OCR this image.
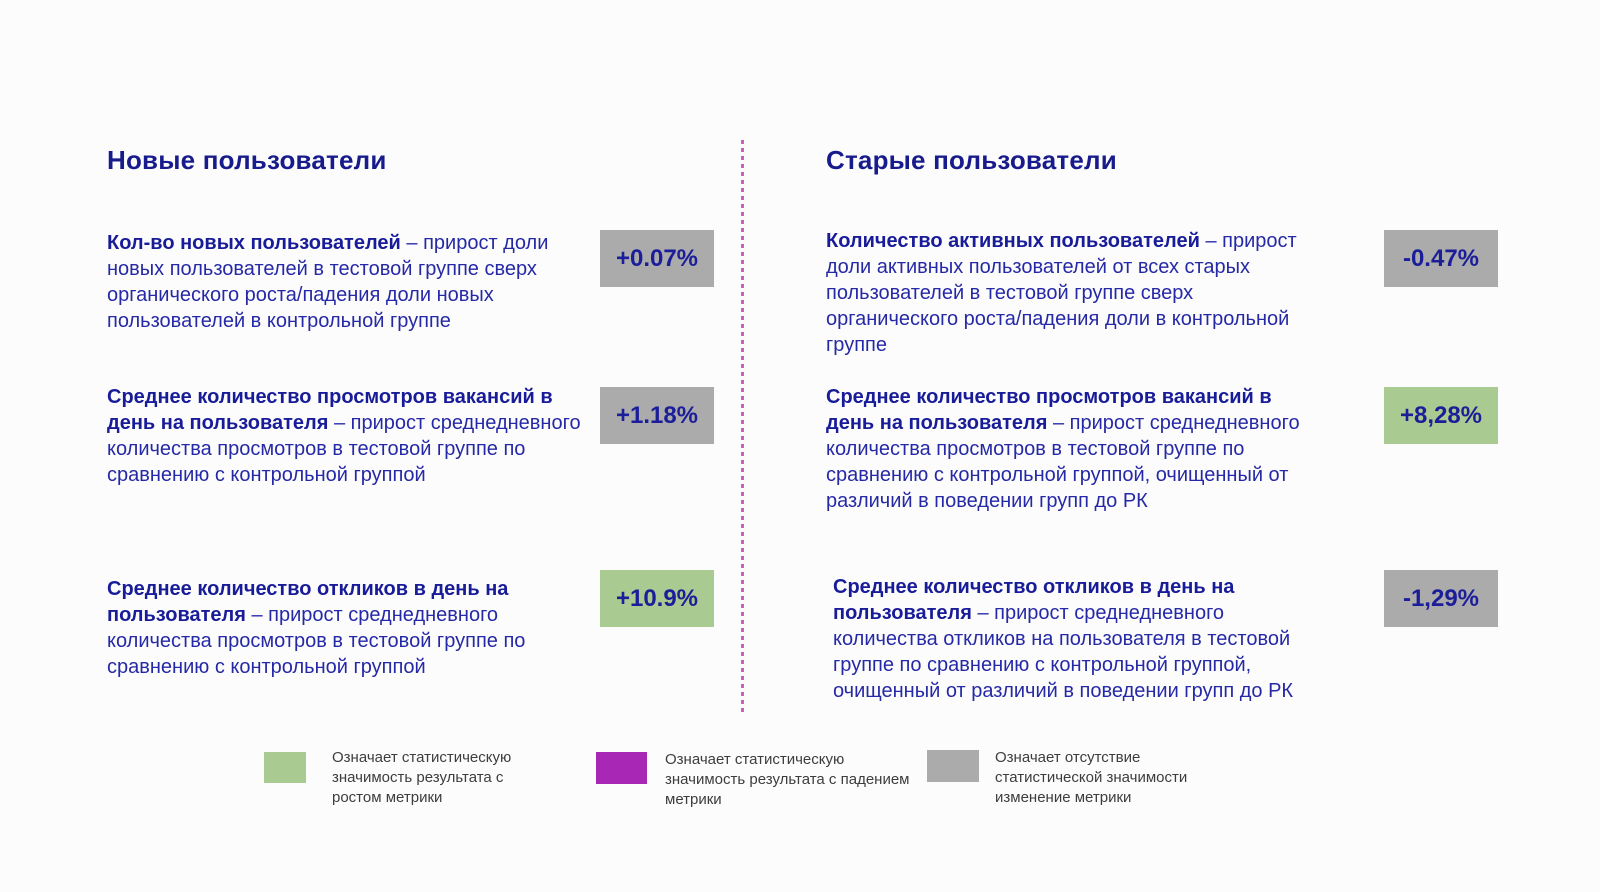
Новые пользователи	Старые пользователи
Кол-во новых пользователей – прирост доли новых пользователей в тестовой группе сверх органического роста/падения доли новых пользователей в контрольной группе
+0.07%
Среднее количество просмотров вакансий в день на пользователя – прирост среднедневного количества просмотров в тестовой группе по сравнению с контрольной группой
+1.18%
Среднее количество откликов в день на пользователя – прирост среднедневного количества просмотров в тестовой группе по сравнению с контрольной группой
+10.9%
Количество активных пользователей – прирост доли активных пользователей от всех старых пользователей в тестовой группе сверх органического роста/падения доли в контрольной группе
-0.47%
Среднее количество просмотров вакансий в день на пользователя – прирост среднедневного количества просмотров в тестовой группе по сравнению с контрольной группой, очищенный от различий в поведении групп до РК
+8,28%
Среднее количество откликов в день на пользователя – прирост среднедневного количества откликов на пользователя в тестовой группе по сравнению с контрольной группой, очищенный от различий в поведении групп до РК
-1,29%
Означает статистическую значимость результата с ростом метрики
Означает статистическую значимость результата с падением метрики
Означает отсутствие статистической значимости изменение метрики
